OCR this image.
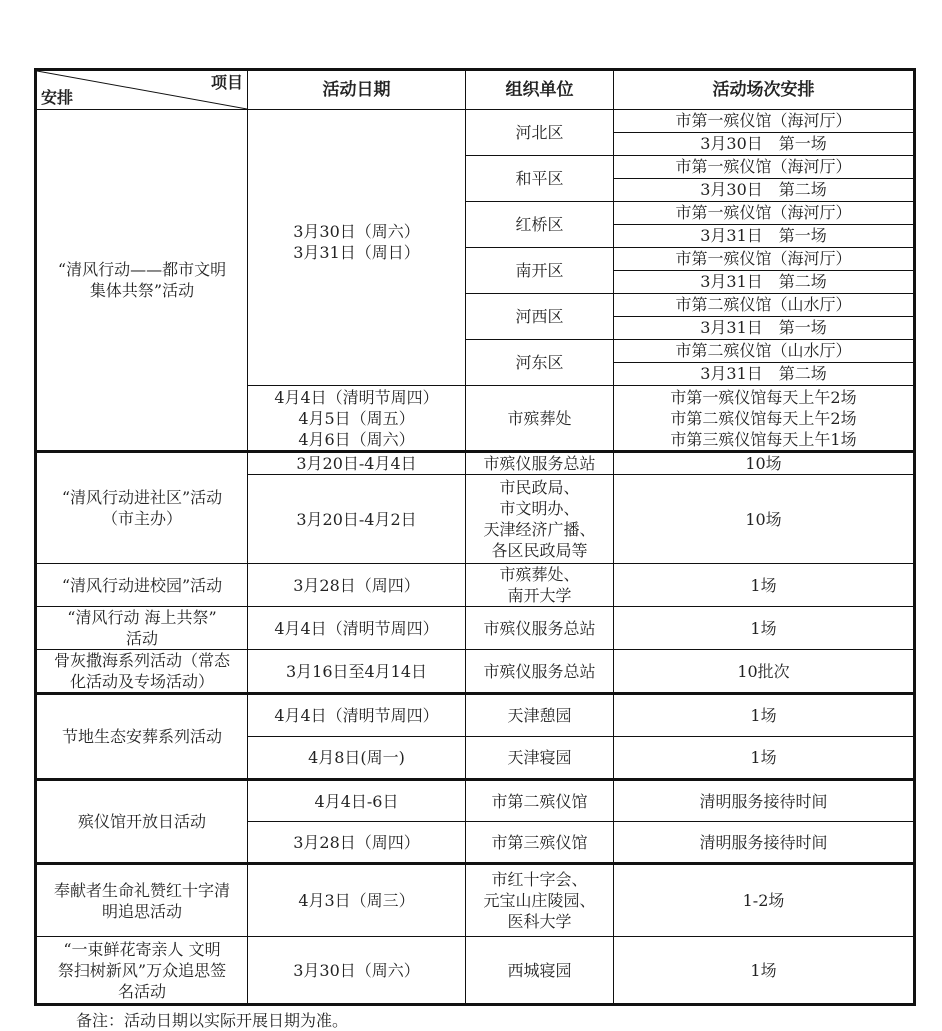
项目
安排	活动日期	组织单位	活动场次安排

“清风行动——都市文明
集体共祭”活动	3月30日（周六）
3月31日（周日）	河北区	市第一殡仪馆（海河厅）
3月30日　第一场

		和平区	市第一殡仪馆（海河厅）
3月30日　第二场

		红桥区	市第一殡仪馆（海河厅）
3月31日　第一场

		南开区	市第一殡仪馆（海河厅）
3月31日　第二场

		河西区	市第二殡仪馆（山水厅）
3月31日　第一场

		河东区	市第二殡仪馆（山水厅）
3月31日　第二场

	4月4日（清明节周四）
4月5日（周五）
4月6日（周六）	市殡葬处	市第一殡仪馆每天上午2场
市第二殡仪馆每天上午2场
市第三殡仪馆每天上午1场

“清风行动进社区”活动
（市主办）	3月20日-4月4日	市殡仪服务总站	10场
	3月20日-4月2日	市民政局、
市文明办、
天津经济广播、
各区民政局等	10场

“清风行动进校园”活动	3月28日（周四）	市殡葬处、
南开大学	1场

“清风行动 海上共祭”
活动	4月4日（清明节周四）	市殡仪服务总站	1场

骨灰撒海系列活动（常态
化活动及专场活动）	3月16日至4月14日	市殡仪服务总站	10批次

节地生态安葬系列活动	4月4日（清明节周四）	天津憩园	1场
	4月8日(周一)	天津寝园	1场

殡仪馆开放日活动	4月4日-6日	市第二殡仪馆	清明服务接待时间
	3月28日（周四）	市第三殡仪馆	清明服务接待时间

奉献者生命礼赞红十字清
明追思活动	4月3日（周三）	市红十字会、
元宝山庄陵园、
医科大学	1-2场

“一束鲜花寄亲人 文明
祭扫树新风”万众追思签
名活动	3月30日（周六）	西城寝园	1场
备注：活动日期以实际开展日期为准。
